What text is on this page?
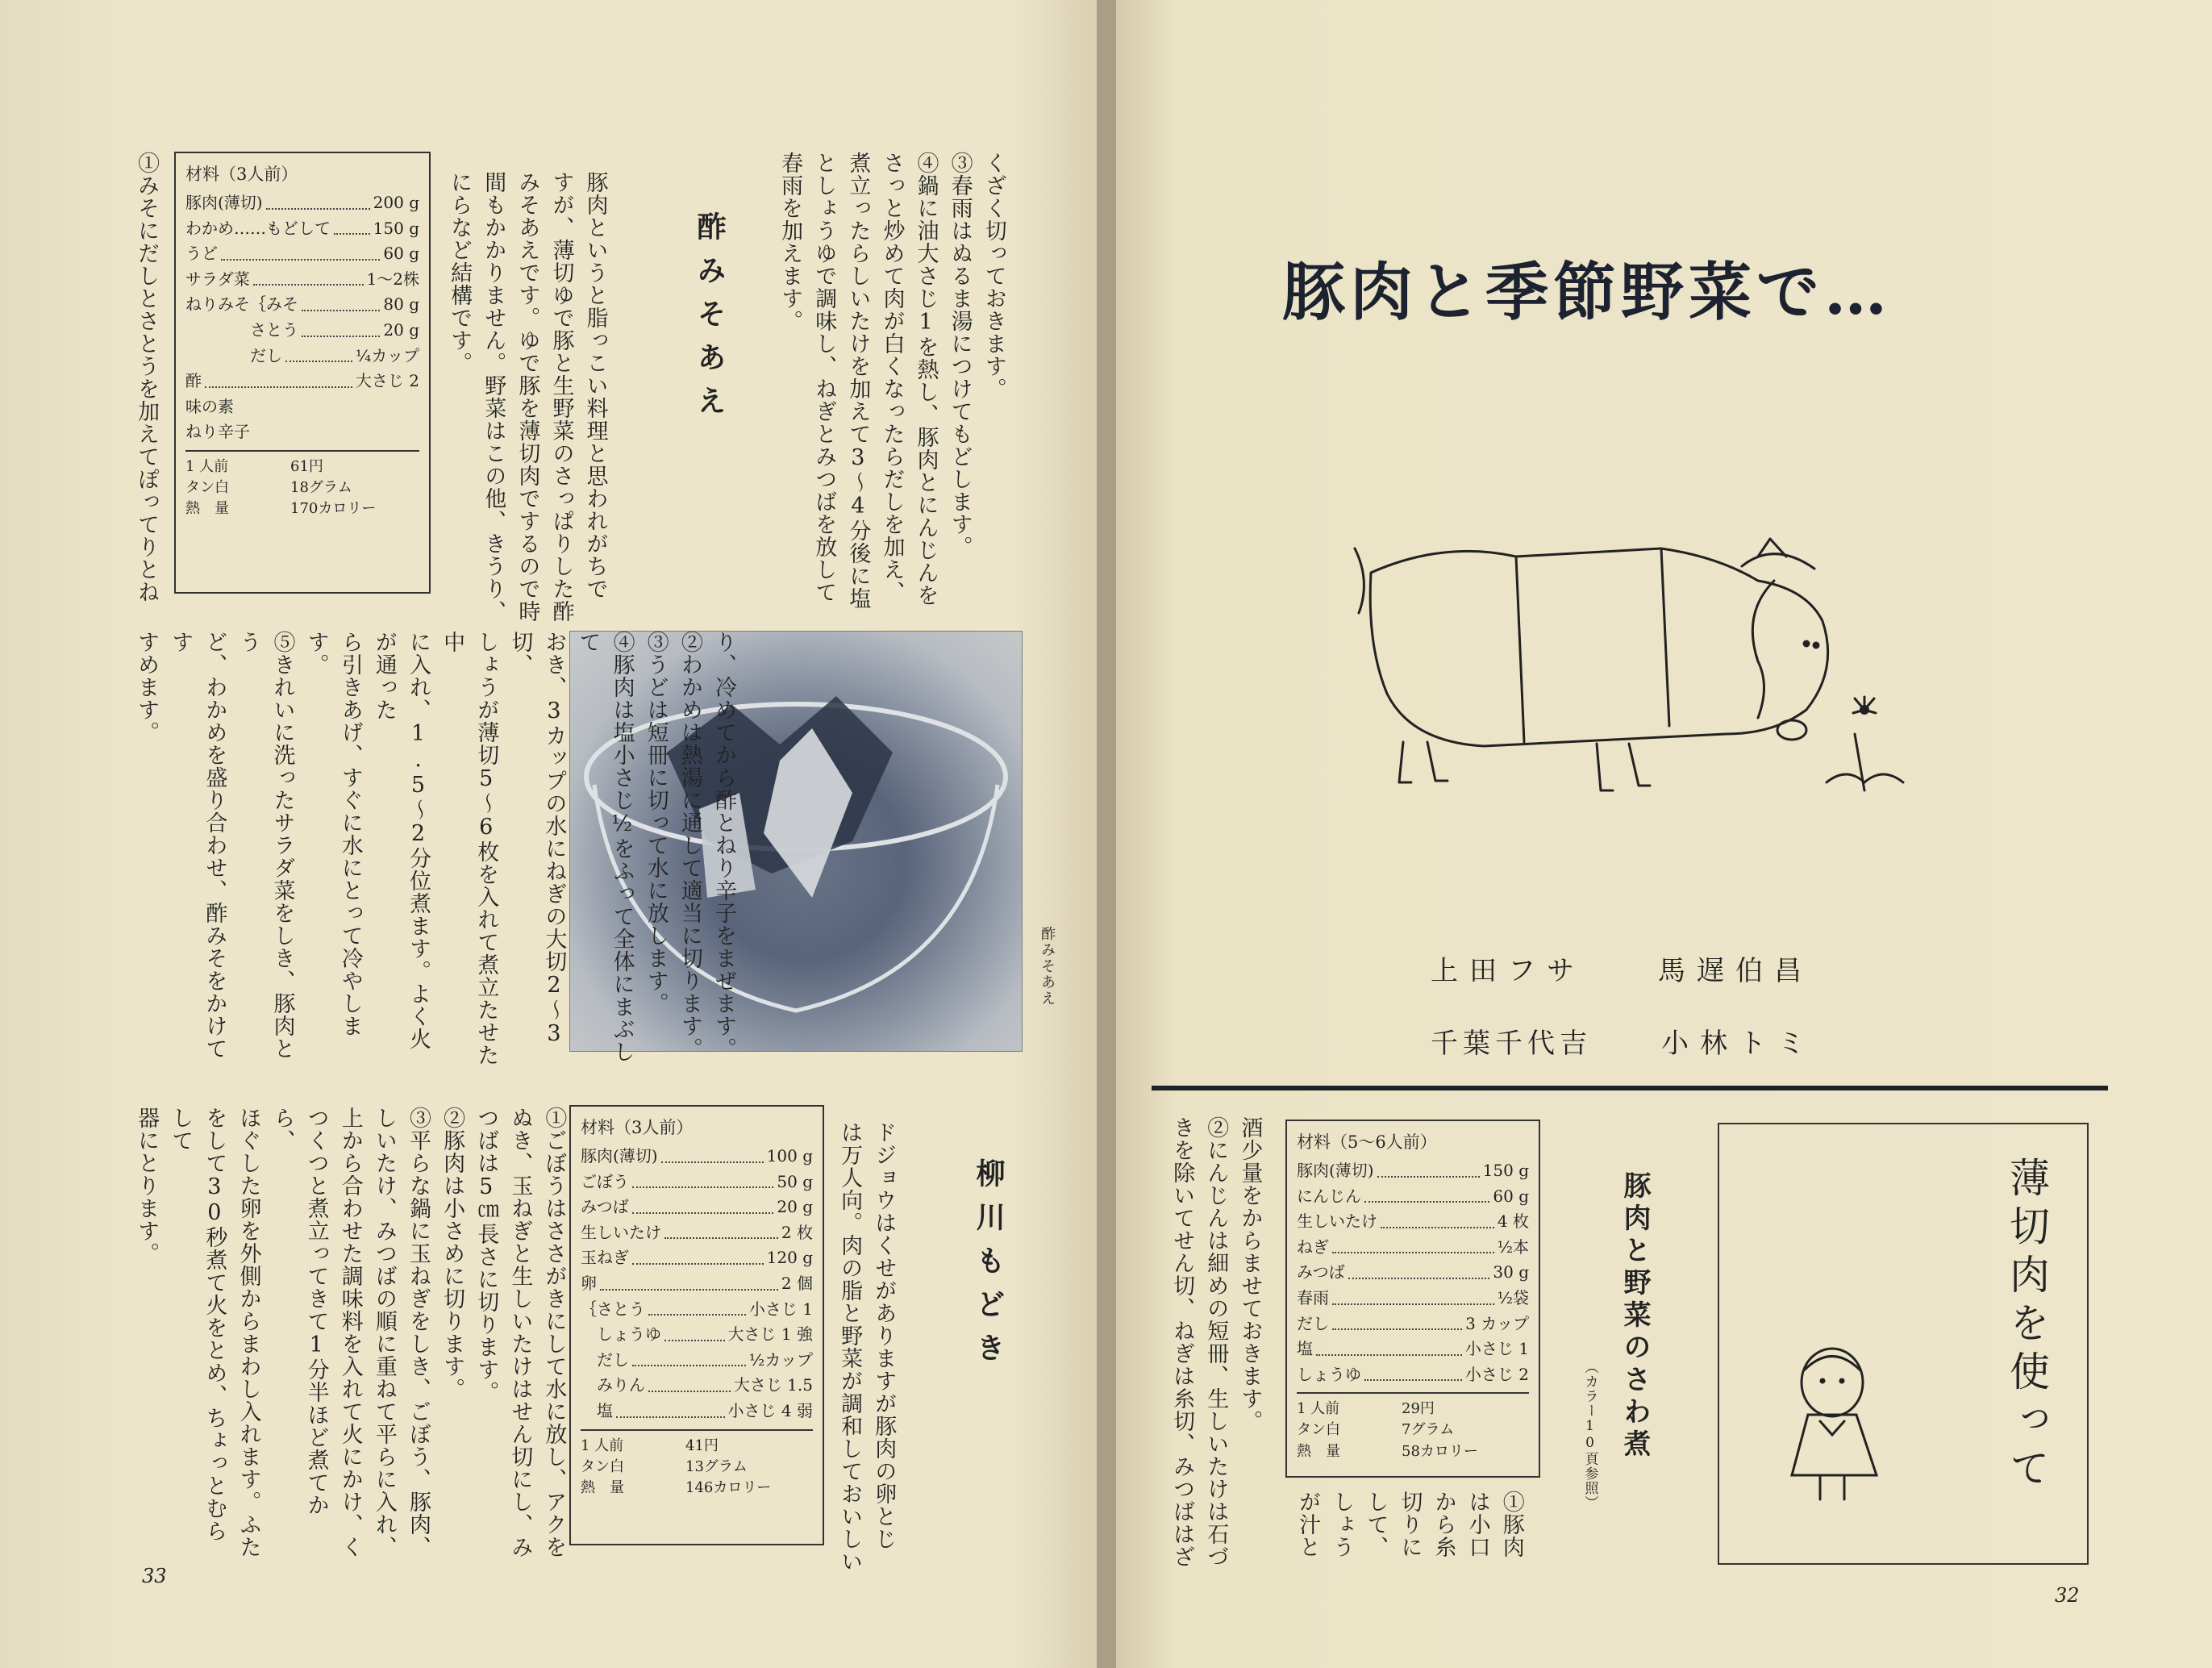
くざく切っておきます。
③春雨はぬるま湯につけてもどします。
④鍋に油大さじ1を熱し、豚肉とにんじんを
さっと炒めて肉が白くなったらだしを加え、
煮立ったらしいたけを加えて3〜4分後に塩
としょうゆで調味し、ねぎとみつばを放して
春雨を加えます。
酢みそあえ
豚肉というと脂っこい料理と思われがちで
すが、薄切ゆで豚と生野菜のさっぱりした酢
みそあえです。ゆで豚を薄切肉でするので時
間もかかりません。野菜はこの他、きうり、
にらなど結構です。
材料（3人前）
豚肉(薄切)	200 g
わかめ……もどして	150 g
うど	60 g
サラダ菜	1〜2株
ねりみそ｛みそ	80 g
　　　　さとう	20 g
　　　　だし	¼カップ
酢	大さじ 2
味の素
ねり辛子
1 人前	61円
タン白	18グラム
熱　量	170カロリー
①みそにだしとさとうを加えてぽってりとね
酢みそあえ
り、冷めてから酢とねり辛子をまぜます。
②わかめは熱湯に通して適当に切ります。
③うどは短冊に切って水に放します。
④豚肉は塩小さじ½をふって全体にまぶして
おき、3カップの水にねぎの大切2〜3切、
しょうが薄切5〜6枚を入れて煮立たせた中
に入れ、1.5〜2分位煮ます。よく火が通った
ら引きあげ、すぐに水にとって冷やします。
⑤きれいに洗ったサラダ菜をしき、豚肉とう
ど、わかめを盛り合わせ、酢みそをかけてす
すめます。
柳川もどき
ドジョウはくせがありますが豚肉の卵とじ
は万人向。肉の脂と野菜が調和しておいしい
材料（3人前）
豚肉(薄切)	100 g
ごぼう	50 g
みつば	20 g
生しいたけ	2 枚
玉ねぎ	120 g
卵	2 個
｛さとう	小さじ 1
　しょうゆ	大さじ 1 強
　だし	½カップ
　みりん	大さじ 1.5
　塩	小さじ 4 弱
1 人前	41円
タン白	13グラム
熱　量	146カロリー
①ごぼうはささがきにして水に放し、アクを
ぬき、玉ねぎと生しいたけはせん切にし、み
つばは5㎝長さに切ります。
②豚肉は小さめに切ります。
③平らな鍋に玉ねぎをしき、ごぼう、豚肉、
しいたけ、みつばの順に重ねて平らに入れ、
上から合わせた調味料を入れて火にかけ、く
つくつと煮立ってきて1分半ほど煮てから、
ほぐした卵を外側からまわし入れます。ふた
をして30秒煮て火をとめ、ちょっとむらして
器にとります。
33
豚肉と季節野菜で…
上田フサ	馬遅伯昌
千葉千代吉	小林トミ
薄切肉を使って
豚肉と野菜のさわ煮
（カラー10頁参照）
①豚肉
は小口
から糸
切りに
して、
しょう
が汁と
材料（5〜6人前）
豚肉(薄切)	150 g
にんじん	60 g
生しいたけ	4 枚
ねぎ	½本
みつば	30 g
春雨	½袋
だし	3 カップ
塩	小さじ 1
しょうゆ	小さじ 2
1 人前	29円
タン白	7グラム
熱　量	58カロリー
酒少量をからませておきます。
②にんじんは細めの短冊、生しいたけは石づ
きを除いてせん切、ねぎは糸切、みつばはざ
32
